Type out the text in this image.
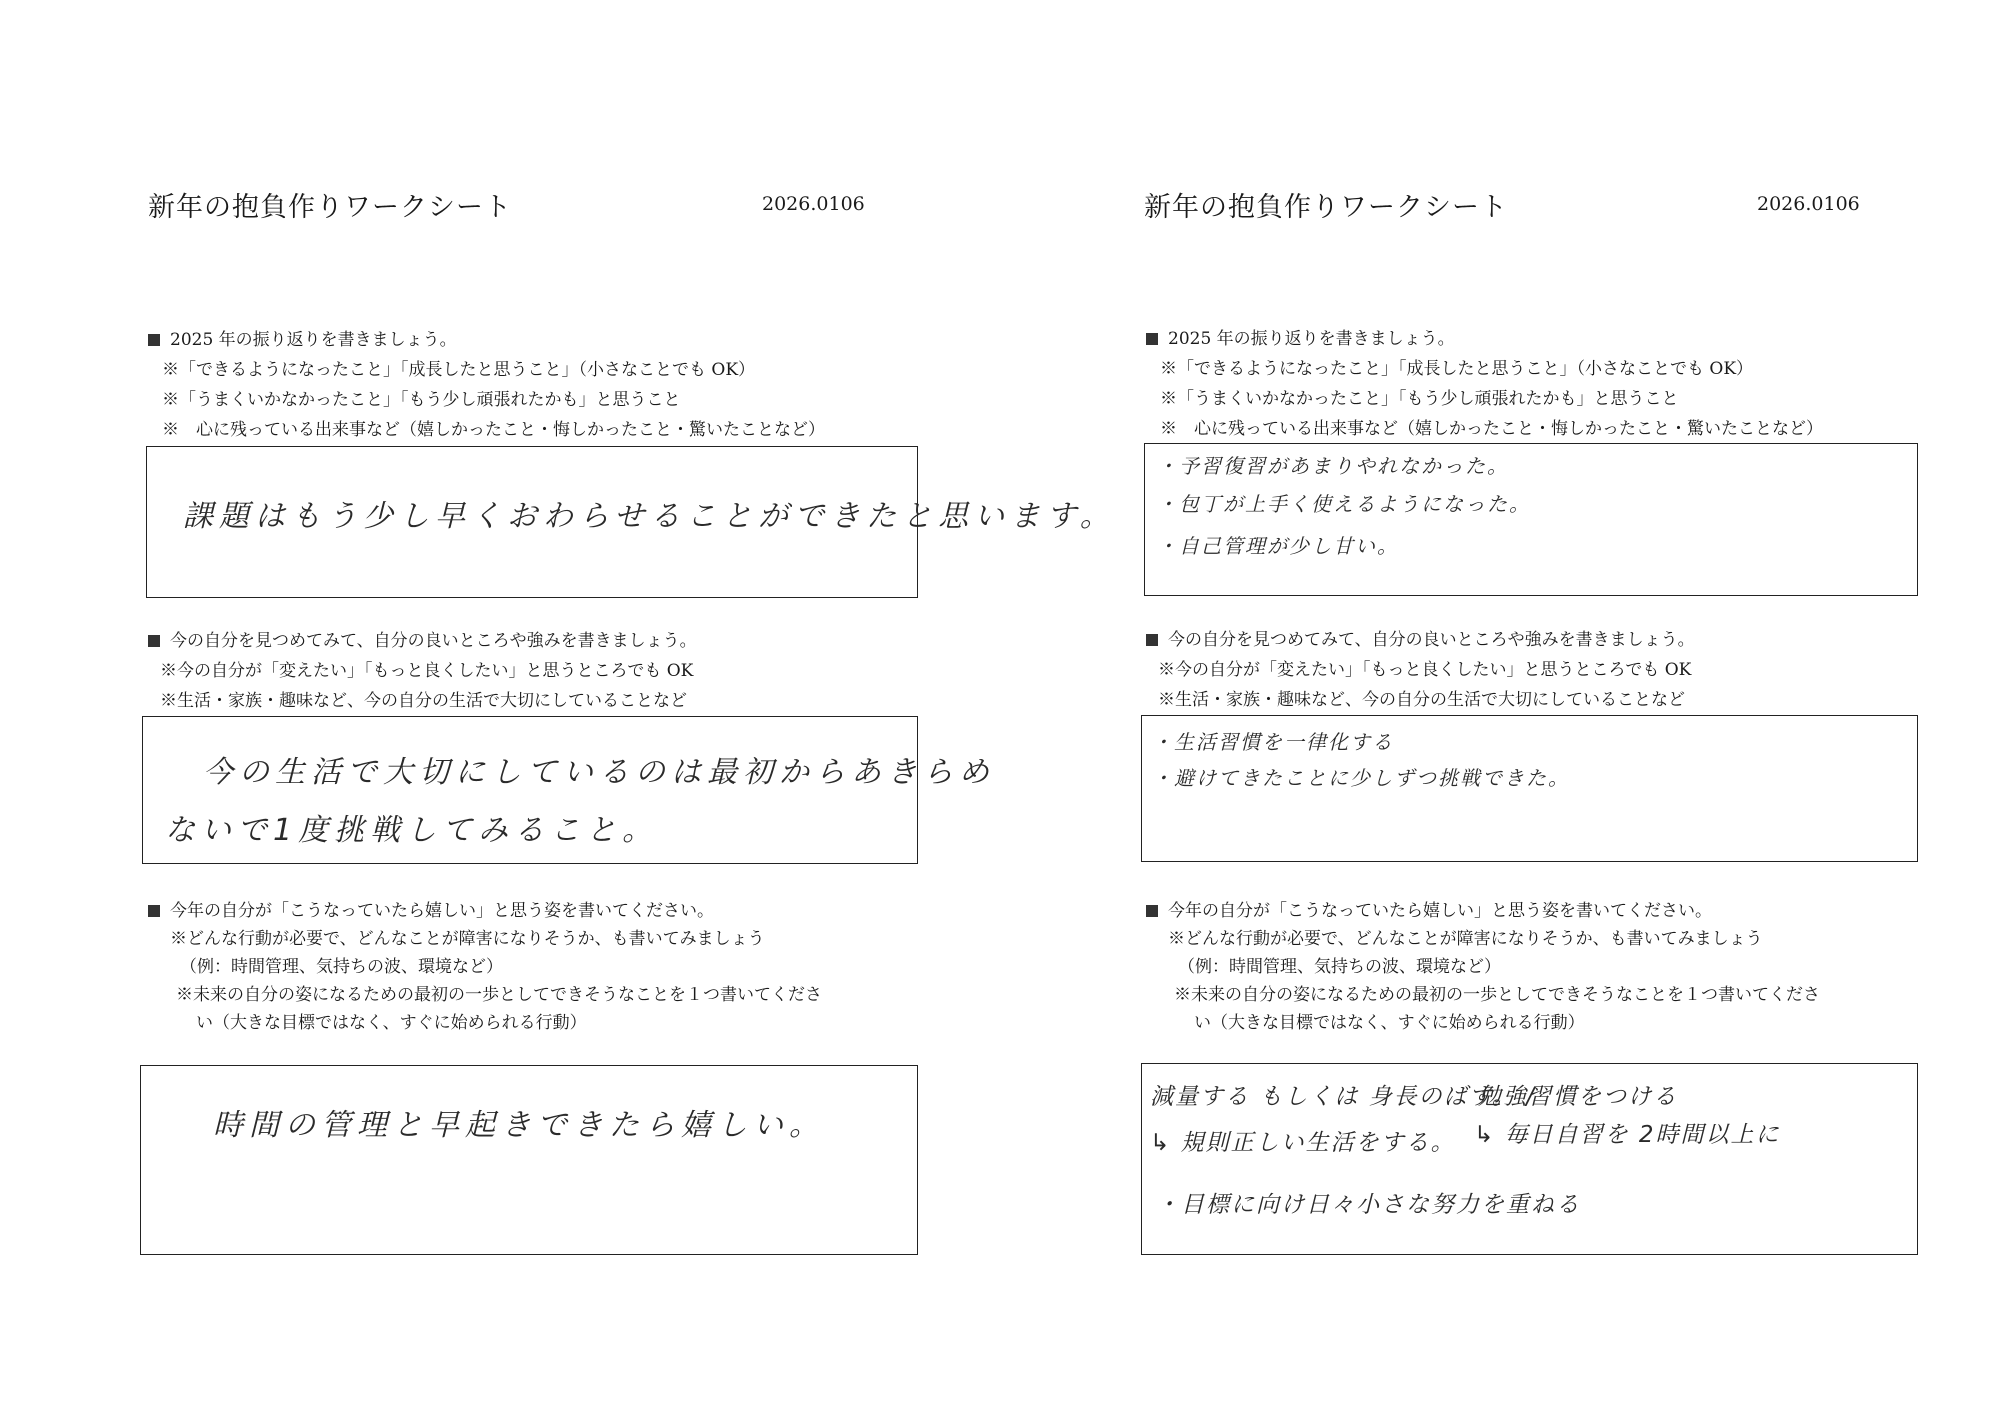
新年の抱負作りワークシート	2026.0106
2025 年の振り返りを書きましょう。
※「できるようになったこと」「成長したと思うこと」（小さなことでも OK）
※「うまくいかなかったこと」「もう少し頑張れたかも」と思うこと
※　心に残っている出来事など（嬉しかったこと・悔しかったこと・驚いたことなど）
課題はもう少し早くおわらせることができたと思います。
今の自分を見つめてみて、自分の良いところや強みを書きましょう。
※今の自分が「変えたい」「もっと良くしたい」と思うところでも OK
※生活・家族・趣味など、今の自分の生活で大切にしていることなど
今の生活で大切にしているのは最初からあきらめ
ないで1度挑戦してみること。
今年の自分が「こうなっていたら嬉しい」と思う姿を書いてください。
※どんな行動が必要で、どんなことが障害になりそうか、も書いてみましょう
（例：時間管理、気持ちの波、環境など）
※未来の自分の姿になるための最初の一歩としてできそうなことを１つ書いてくださ
い（大きな目標ではなく、すぐに始められる行動）
時間の管理と早起きできたら嬉しい。
新年の抱負作りワークシート	2026.0106
2025 年の振り返りを書きましょう。
※「できるようになったこと」「成長したと思うこと」（小さなことでも OK）
※「うまくいかなかったこと」「もう少し頑張れたかも」と思うこと
※　心に残っている出来事など（嬉しかったこと・悔しかったこと・驚いたことなど）
・予習復習があまりやれなかった。
・包丁が上手く使えるようになった。
・自己管理が少し甘い。
今の自分を見つめてみて、自分の良いところや強みを書きましょう。
※今の自分が「変えたい」「もっと良くしたい」と思うところでも OK
※生活・家族・趣味など、今の自分の生活で大切にしていることなど
・生活習慣を一律化する
・避けてきたことに少しずつ挑戦できた。
今年の自分が「こうなっていたら嬉しい」と思う姿を書いてください。
※どんな行動が必要で、どんなことが障害になりそうか、も書いてみましょう
（例：時間管理、気持ちの波、環境など）
※未来の自分の姿になるための最初の一歩としてできそうなことを１つ書いてくださ
い（大きな目標ではなく、すぐに始められる行動）
減量する もしくは 身長のばす。 /
勉強習慣をつける
↳ 規則正しい生活をする。 ↳ 毎日自習を 2時間以上に
・目標に向け日々小さな努力を重ねる
